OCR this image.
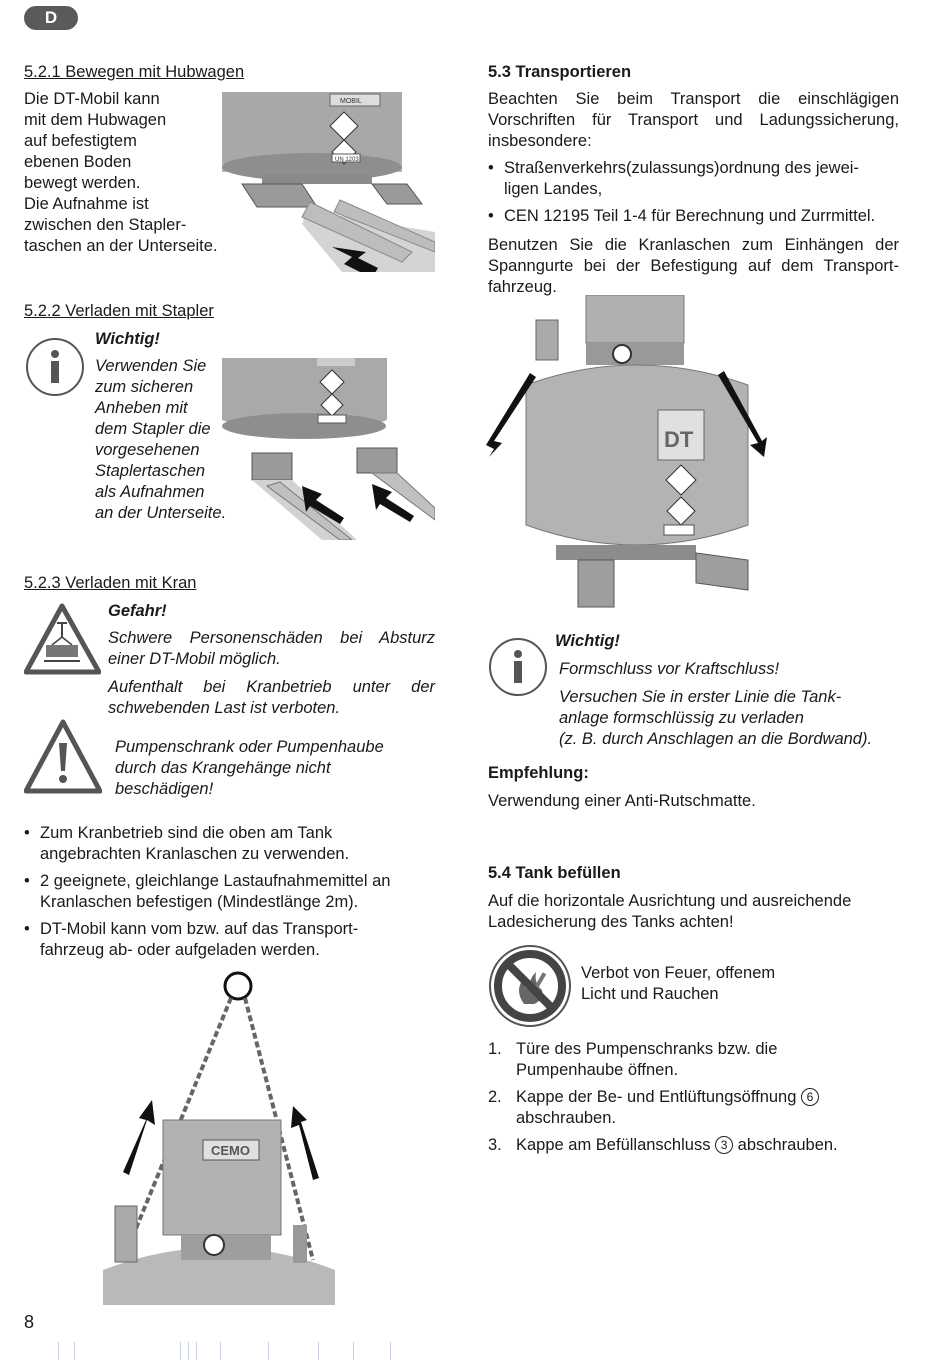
D
5.2.1 Bewegen mit Hubwagen
Die DT-Mobil kann
mit dem Hubwagen
auf befestigtem
ebenen Boden
bewegt werden.
Die Aufnahme ist
zwischen den Stapler-
taschen an der Unterseite.
MOBIL
UN 1203
5.2.2 Verladen mit Stapler
Wichtig!
Verwenden Sie
zum sicheren
Anheben mit
dem Stapler die
vorgesehenen
Staplertaschen
als Aufnahmen
an der Unterseite.
5.2.3 Verladen mit Kran
Gefahr!
Schwere Personenschäden bei Absturz einer DT-Mobil möglich.
Aufenthalt bei Kranbetrieb unter der schwebenden Last ist verboten.
Pumpenschrank oder Pumpenhaube
durch das Krangehänge nicht
beschädigen!
• Zum Kranbetrieb sind die oben am Tank
angebrachten Kranlaschen zu verwenden.
• 2 geeignete, gleichlange Lastaufnahmemittel an
Kranlaschen befestigen (Mindestlänge 2m).
• DT-Mobil kann vom bzw. auf das Transport-
fahrzeug ab- oder aufgeladen werden.
CEMO
5.3 Transportieren
Beachten Sie beim Transport die einschlägigen Vorschriften für Transport und Ladungssicherung, insbesondere:
• Straßenverkehrs(zulassungs)ordnung des jewei-
ligen Landes,
• CEN 12195 Teil 1-4 für Berechnung und Zurrmittel.
Benutzen Sie die Kranlaschen zum Einhängen der Spanngurte bei der Befestigung auf dem Transport-fahrzeug.
DT
Wichtig!
Formschluss vor Kraftschluss!
Versuchen Sie in erster Linie die Tank-
anlage formschlüssig zu verladen
(z. B. durch Anschlagen an die Bordwand).
Empfehlung:
Verwendung einer Anti-Rutschmatte.
5.4 Tank befüllen
Auf die horizontale Ausrichtung und ausreichende
Ladesicherung des Tanks achten!
Verbot von Feuer, offenem
Licht und Rauchen
1. Türe des Pumpenschranks bzw. die
Pumpenhaube öffnen.
2. Kappe der Be- und Entlüftungsöffnung 6
abschrauben.
3. Kappe am Befüllanschluss 3 abschrauben.
8
